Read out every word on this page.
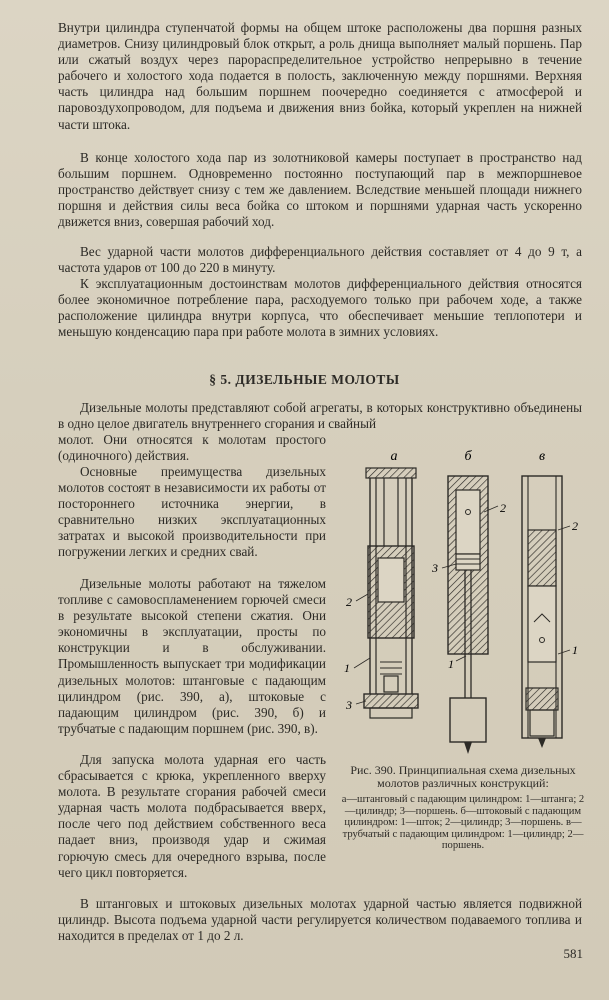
Внутри цилиндра ступенчатой формы на общем штоке расположены два поршня разных диаметров. Снизу цилиндровый блок открыт, а роль днища выполняет малый поршень. Пар или сжатый воздух через парораспределительное устройство непрерывно в течение рабочего и холостого хода подается в полость, заключенную между поршнями. Верхняя часть цилиндра над большим поршнем поочередно соединяется с атмосферой и паровоздухопроводом, для подъема и движения вниз бойка, который укреплен на нижней части штока.

В конце холостого хода пар из золотниковой камеры поступает в пространство над большим поршнем. Одновременно постоянно поступающий пар в межпоршневое пространство действует снизу с тем же давлением. Вследствие меньшей площади нижнего поршня и действия силы веса бойка со штоком и поршнями ударная часть ускоренно движется вниз, совершая рабочий ход.

Вес ударной части молотов дифференциального действия составляет от 4 до 9 т, а частота ударов от 100 до 220 в минуту.

К эксплуатационным достоинствам молотов дифференциального действия относятся более экономичное потребление пара, расходуемого только при рабочем ходе, а также расположение цилиндра внутри корпуса, что обеспечивает меньшие теплопотери и меньшую конденсацию пара при работе молота в зимних условиях.

§ 5. ДИЗЕЛЬНЫЕ МОЛОТЫ

Дизельные молоты представляют собой агрегаты, в которых конструктивно объединены в одно целое двигатель внутреннего сгорания и свайный

молот. Они относятся к молотам простого (одиночного) действия.

Основные преимущества дизельных молотов состоят в независимости их работы от постороннего источника энергии, в сравнительно низких эксплуатационных затратах и высокой производительности при погружении легких и средних свай.

Дизельные молоты работают на тяжелом топливе с самовоспламенением горючей смеси в результате высокой степени сжатия. Они экономичны в эксплуатации, просты по конструкции и в обслуживании. Промышленность выпускает три модификации дизельных молотов: штанговые с падающим цилиндром (рис. 390, а), штоковые с падающим цилиндром (рис. 390, б) и трубчатые с падающим поршнем (рис. 390, в).

Для запуска молота ударная его часть сбрасывается с крюка, укрепленного вверху молота. В результате сгорания рабочей смеси ударная часть молота подбрасывается вверх, после чего под действием собственного веса падает вниз, производя удар и сжимая горючую смесь для очередного взрыва, после чего цикл повторяется.

В штанговых и штоковых дизельных молотах ударной частью является подвижной цилиндр. Высота подъема ударной части регулируется количеством подаваемого топлива и находится в пределах от 1 до 2 л.

а
2
1
3
б
2
3
1
в
2
1
Рис. 390. Принципиальная схема дизельных молотов различных конструкций:
а—штанговый с падающим цилиндром: 1—штанга; 2—цилиндр; 3—поршень. б—штоковый с падающим цилиндром: 1—шток; 2—цилиндр; 3—поршень. в—трубчатый с падающим цилиндром: 1—цилиндр; 2—поршень.
581
